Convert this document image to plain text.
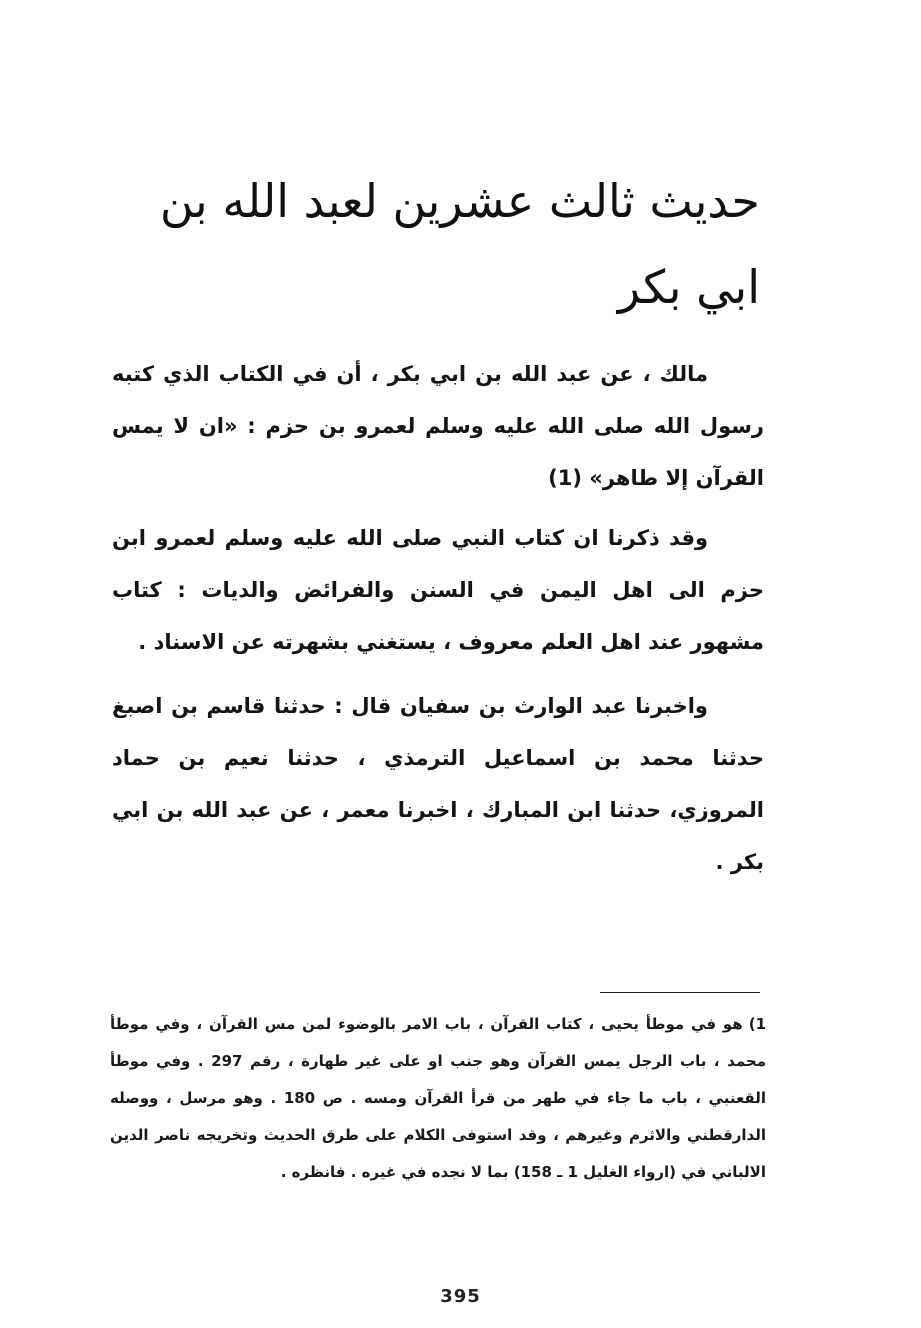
حديث ثالث عشرين لعبد الله بن ابي بكر
مالك ، عن عبد الله بن ابي بكر ، أن في الكتاب الذي كتبه رسول الله صلى الله عليه وسلم لعمرو بن حزم : «ان لا يمس القرآن إلا طاهر» (1)
وقد ذكرنا ان كتاب النبي صلى الله عليه وسلم لعمرو ابن حزم الى اهل اليمن في السنن والفرائض والديات : كتاب مشهور عند اهل العلم معروف ، يستغني بشهرته عن الاسناد .
واخبرنا عبد الوارث بن سفيان قال : حدثنا قاسم بن اصبغ حدثنا محمد بن اسماعيل الترمذي ، حدثنا نعيم بن حماد المروزي، حدثنا ابن المبارك ، اخبرنا معمر ، عن عبد الله بن ابي بكر .
1)هو في موطأ يحيى ، كتاب القرآن ، باب الامر بالوضوء لمن مس القرآن ، وفي موطأ محمد ، باب الرجل يمس القرآن وهو جنب او على غير طهارة ، رقم 297 . وفي موطأ القعنبي ، باب ما جاء في طهر من قرأ القرآن ومسه . ص 180 . وهو مرسل ، ووصله الدارقطني والاثرم وغيرهم ، وقد استوفى الكلام على طرق الحديث وتخريجه ناصر الدين الالباني في (ارواء الغليل 1 ـ 158) بما لا نجده في غيره . فانظره .
395
